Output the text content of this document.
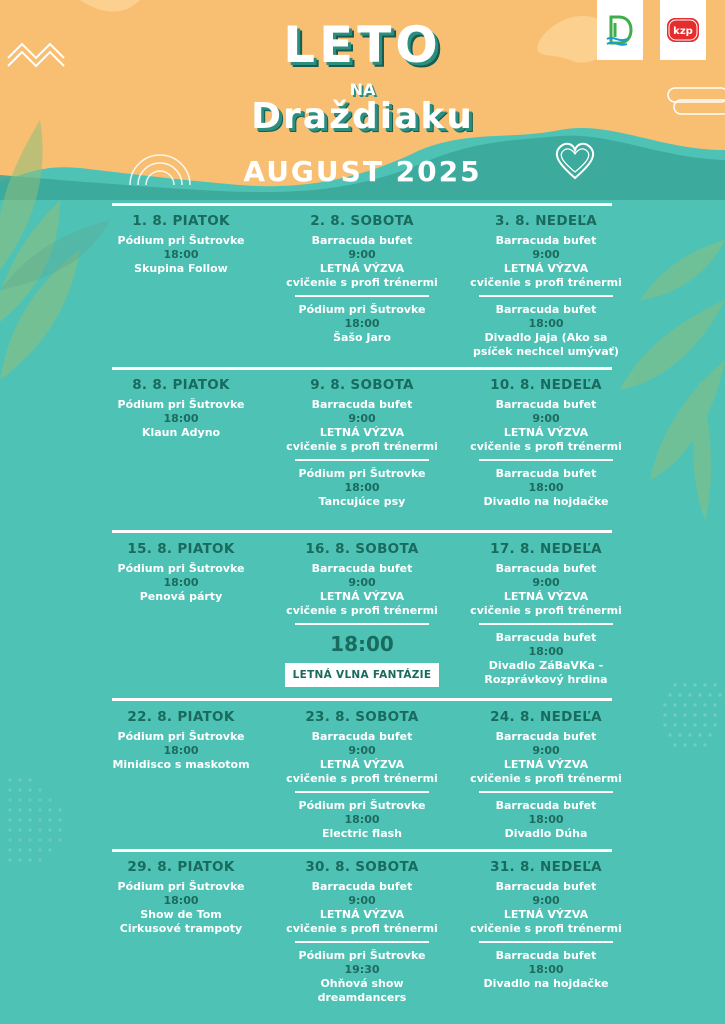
kzp
LETO
NA
Draždiaku
AUGUST 2025
1. 8. PIATOK
Pódium pri Šutrovke
18:00
Skupina Follow
2. 8. SOBOTA
Barracuda bufet
9:00
LETNÁ VÝZVA
cvičenie s profi trénermi
Pódium pri Šutrovke
18:00
Šašo Jaro
3. 8. NEDEĽA
Barracuda bufet
9:00
LETNÁ VÝZVA
cvičenie s profi trénermi
Barracuda bufet
18:00
Divadlo Jaja (Ako sa
psíček nechcel umývať)
8. 8. PIATOK
Pódium pri Šutrovke
18:00
Klaun Adyno
9. 8. SOBOTA
Barracuda bufet
9:00
LETNÁ VÝZVA
cvičenie s profi trénermi
Pódium pri Šutrovke
18:00
Tancujúce psy
10. 8. NEDEĽA
Barracuda bufet
9:00
LETNÁ VÝZVA
cvičenie s profi trénermi
Barracuda bufet
18:00
Divadlo na hojdačke
15. 8. PIATOK
Pódium pri Šutrovke
18:00
Penová párty
16. 8. SOBOTA
Barracuda bufet
9:00
LETNÁ VÝZVA
cvičenie s profi trénermi
18:00
LETNÁ VLNA FANTÁZIE
17. 8. NEDEĽA
Barracuda bufet
9:00
LETNÁ VÝZVA
cvičenie s profi trénermi
Barracuda bufet
18:00
Divadlo ZáBaVKa -
Rozprávkový hrdina
22. 8. PIATOK
Pódium pri Šutrovke
18:00
Minidisco s maskotom
23. 8. SOBOTA
Barracuda bufet
9:00
LETNÁ VÝZVA
cvičenie s profi trénermi
Pódium pri Šutrovke
18:00
Electric flash
24. 8. NEDEĽA
Barracuda bufet
9:00
LETNÁ VÝZVA
cvičenie s profi trénermi
Barracuda bufet
18:00
Divadlo Dúha
29. 8. PIATOK
Pódium pri Šutrovke
18:00
Show de Tom
Cirkusové trampoty
30. 8. SOBOTA
Barracuda bufet
9:00
LETNÁ VÝZVA
cvičenie s profi trénermi
Pódium pri Šutrovke
19:30
Ohňová show
dreamdancers
31. 8. NEDEĽA
Barracuda bufet
9:00
LETNÁ VÝZVA
cvičenie s profi trénermi
Barracuda bufet
18:00
Divadlo na hojdačke
